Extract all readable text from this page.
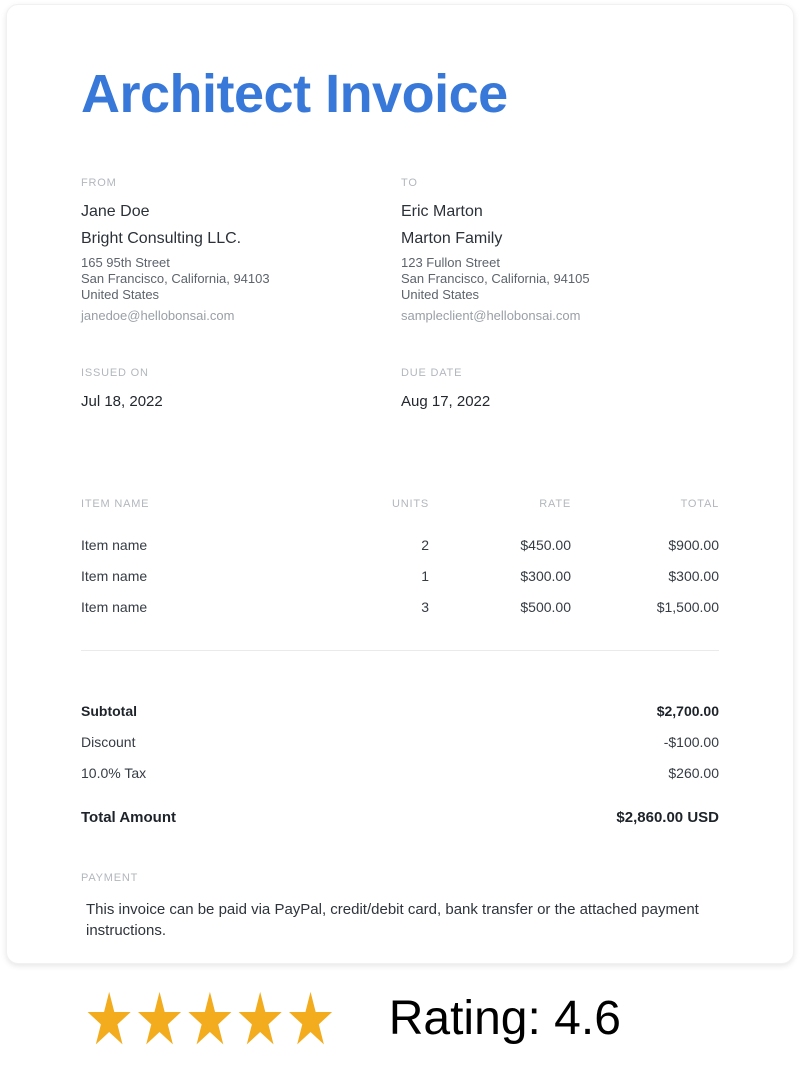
Architect Invoice
FROM
Jane Doe
Bright Consulting LLC.
165 95th Street
San Francisco, California, 94103
United States
janedoe@hellobonsai.com
TO
Eric Marton
Marton Family
123 Fullon Street
San Francisco, California, 94105
United States
sampleclient@hellobonsai.com
ISSUED ON
Jul 18, 2022
DUE DATE
Aug 17, 2022
ITEM NAME	UNITS	RATE	TOTAL
Item name	2	$450.00	$900.00
Item name	1	$300.00	$300.00
Item name	3	$500.00	$1,500.00
Subtotal	$2,700.00
Discount	-$100.00
10.0% Tax	$260.00
Total Amount	$2,860.00 USD
PAYMENT
This invoice can be paid via PayPal, credit/debit card, bank transfer or the attached payment instructions.
★★★★★ Rating: 4.6
